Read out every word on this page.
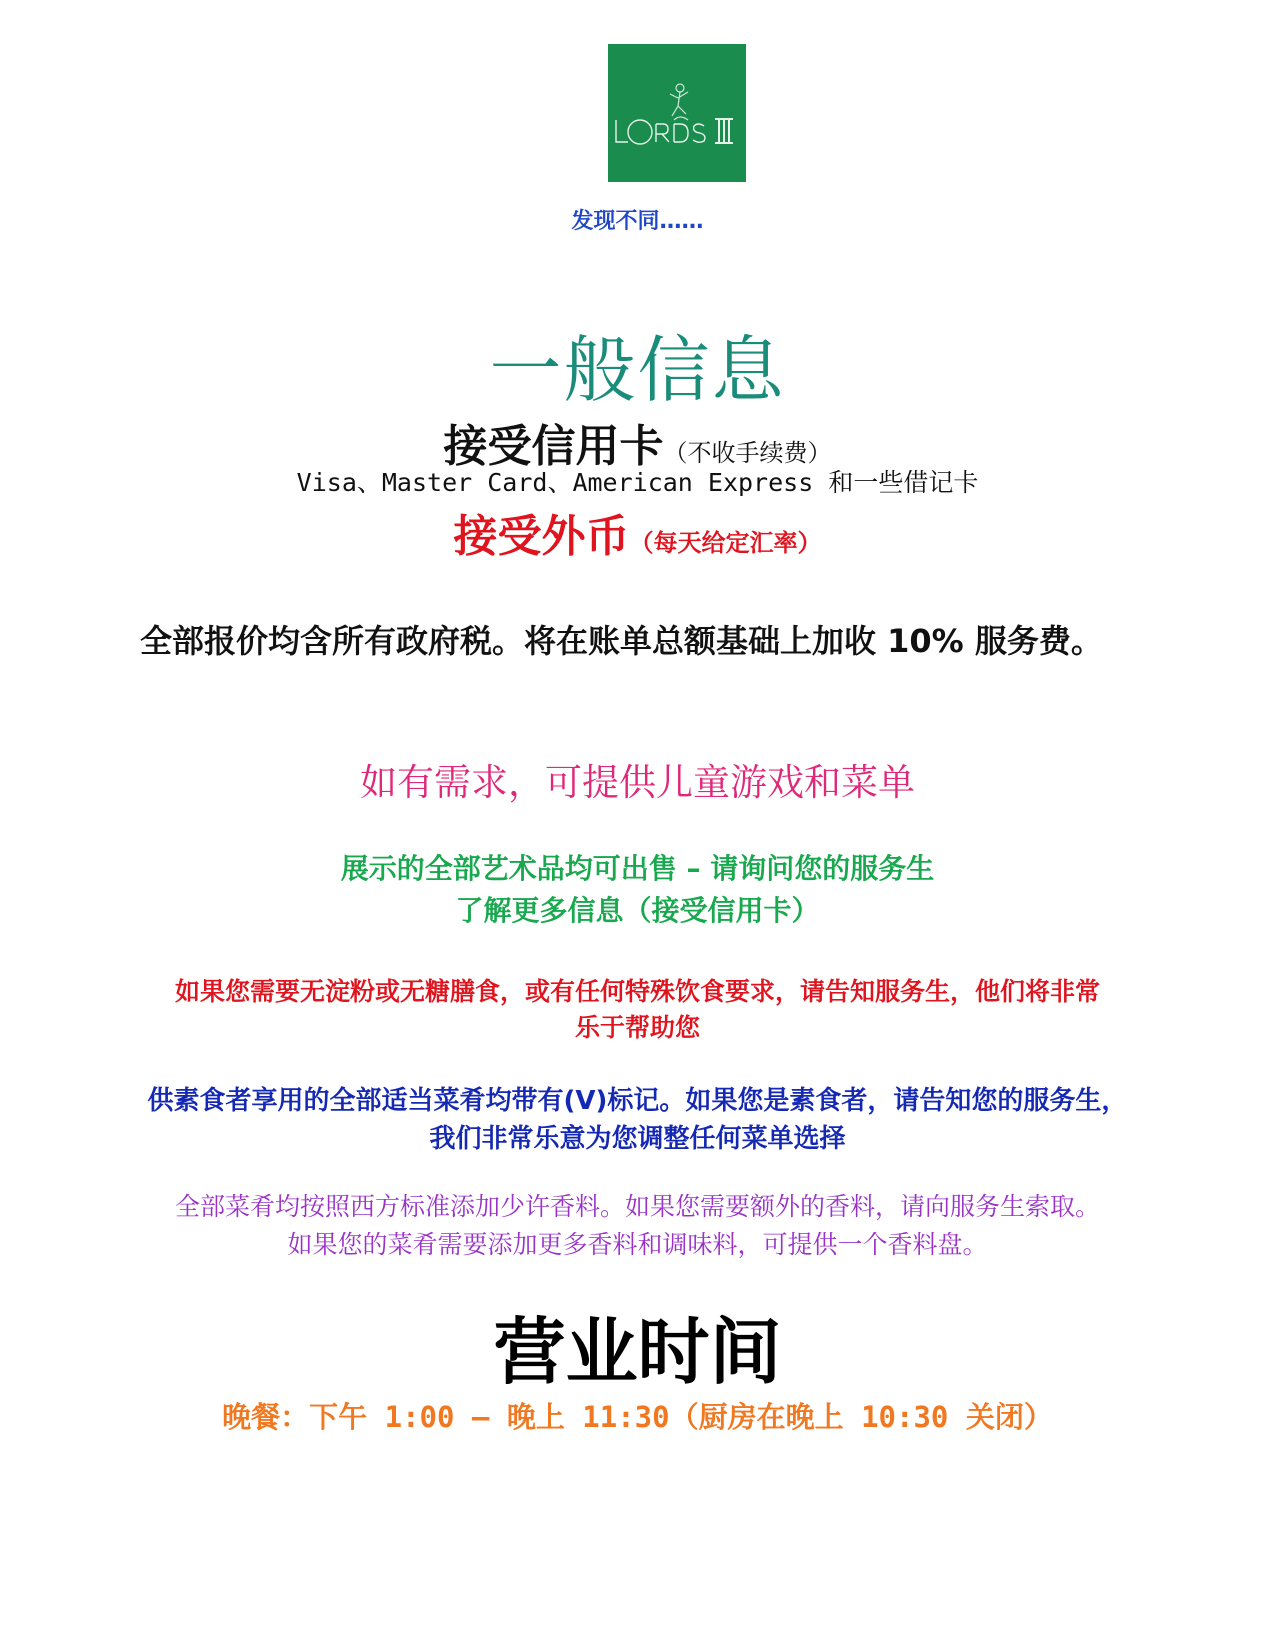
发现不同……
一般信息
接受信用卡（不收手续费）
Visa、Master Card、American Express 和一些借记卡
接受外币（每天给定汇率）
全部报价均含所有政府税。将在账单总额基础上加收 10% 服务费。
如有需求，可提供儿童游戏和菜单
展示的全部艺术品均可出售 – 请询问您的服务生
了解更多信息（接受信用卡）
如果您需要无淀粉或无糖膳食，或有任何特殊饮食要求，请告知服务生，他们将非常
乐于帮助您
供素食者享用的全部适当菜肴均带有(V)标记。如果您是素食者，请告知您的服务生，
我们非常乐意为您调整任何菜单选择
全部菜肴均按照西方标准添加少许香料。如果您需要额外的香料，请向服务生索取。
如果您的菜肴需要添加更多香料和调味料，可提供一个香料盘。
营业时间
晚餐：下午 1:00 – 晚上 11:30（厨房在晚上 10:30 关闭）
